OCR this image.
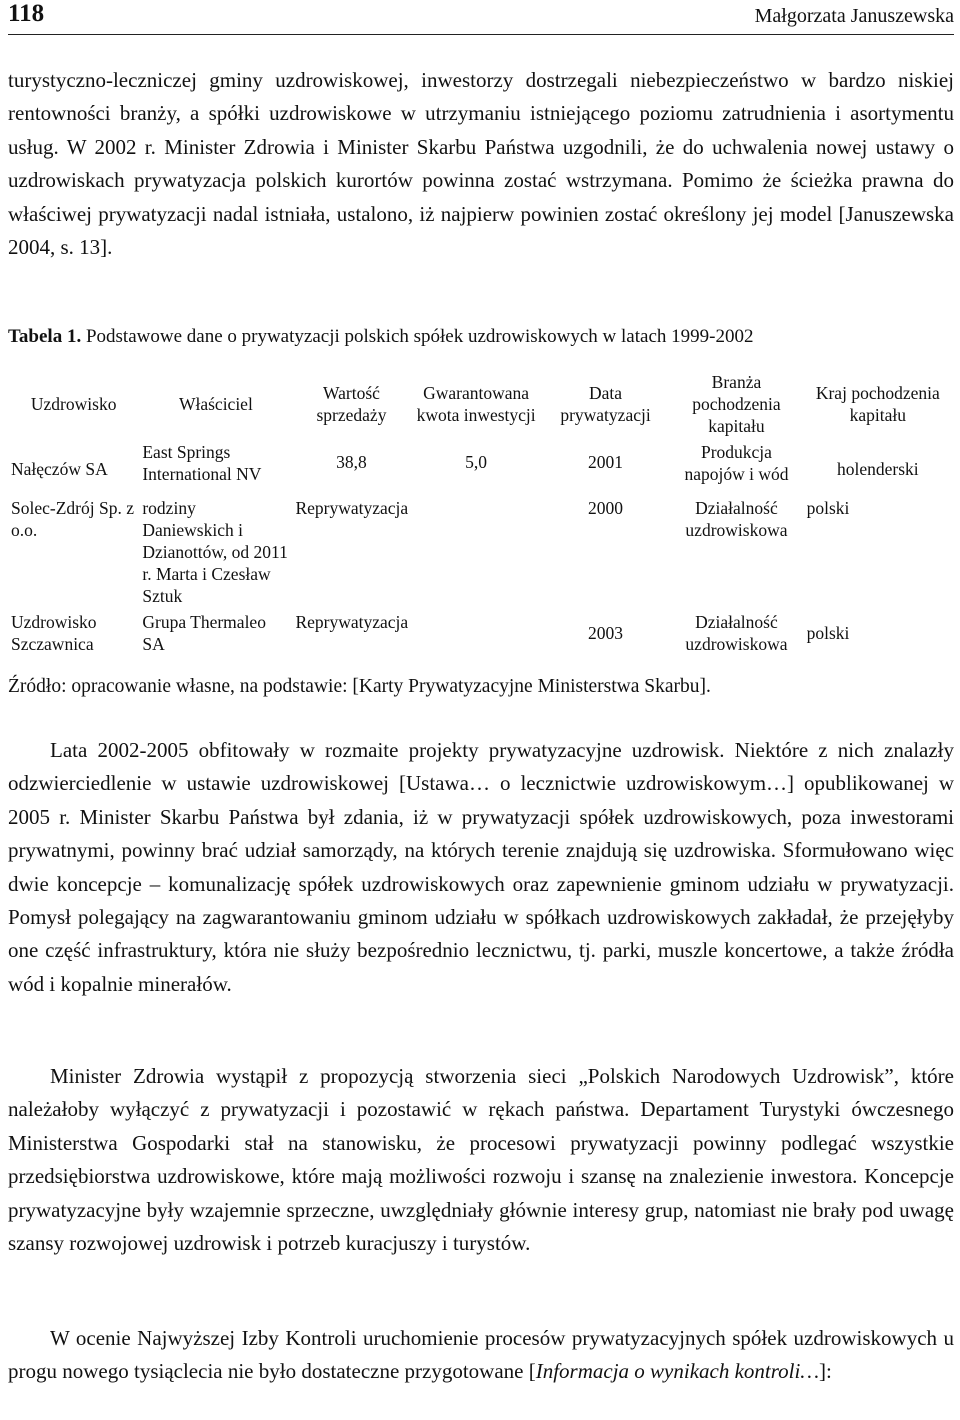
118	Małgorzata Januszewska

turystyczno-leczniczej gminy uzdrowiskowej, inwestorzy dostrzegali niebezpieczeństwo w bardzo niskiej rentowności branży, a spółki uzdrowiskowe w utrzymaniu istniejącego poziomu zatrudnienia i asortymentu usług. W 2002 r. Minister Zdrowia i Minister Skarbu Państwa uzgodnili, że do uchwalenia nowej ustawy o uzdrowiskach prywatyzacja polskich kurortów powinna zostać wstrzymana. Pomimo że ścieżka prawna do właściwej prywatyzacji nadal istniała, ustalono, iż najpierw powinien zostać określony jej model [Januszewska 2004, s. 13].

Tabela 1. Podstawowe dane o prywatyzacji polskich spółek uzdrowiskowych w latach 1999-2002

Uzdrowisko	Właściciel	Wartość sprzedaży	Gwarantowana kwota inwestycji	Data prywatyzacji	Branża pochodzenia kapitału	Kraj pochodzenia kapitału
Nałęczów SA	East Springs International NV	38,8	5,0	2001	Produkcja napojów i wód	holenderski
Solec-Zdrój Sp. z o.o.	rodziny Daniewskich i Dzianottów, od 2011 r. Marta i Czesław Sztuk	Reprywatyzacja		2000	Działalność uzdrowiskowa	polski
Uzdrowisko Szczawnica	Grupa Thermaleo SA	Reprywatyzacja		2003	Działalność uzdrowiskowa	polski

Źródło: opracowanie własne, na podstawie: [Karty Prywatyzacyjne Ministerstwa Skarbu].

Lata 2002-2005 obfitowały w rozmaite projekty prywatyzacyjne uzdrowisk. Niektóre z nich znalazły odzwierciedlenie w ustawie uzdrowiskowej [Ustawa… o lecznictwie uzdrowiskowym…] opublikowanej w 2005 r. Minister Skarbu Państwa był zdania, iż w prywatyzacji spółek uzdrowiskowych, poza inwestorami prywatnymi, powinny brać udział samorządy, na których terenie znajdują się uzdrowiska. Sformułowano więc dwie koncepcje – komunalizację spółek uzdrowiskowych oraz zapewnienie gminom udziału w prywatyzacji. Pomysł polegający na zagwarantowaniu gminom udziału w spółkach uzdrowiskowych zakładał, że przejęłyby one część infrastruktury, która nie służy bezpośrednio lecznictwu, tj. parki, muszle koncertowe, a także źródła wód i kopalnie minerałów.

Minister Zdrowia wystąpił z propozycją stworzenia sieci „Polskich Narodowych Uzdrowisk”, które należałoby wyłączyć z prywatyzacji i pozostawić w rękach państwa. Departament Turystyki ówczesnego Ministerstwa Gospodarki stał na stanowisku, że procesowi prywatyzacji powinny podlegać wszystkie przedsiębiorstwa uzdrowiskowe, które mają możliwości rozwoju i szansę na znalezienie inwestora. Koncepcje prywatyzacyjne były wzajemnie sprzeczne, uwzględniały głównie interesy grup, natomiast nie brały pod uwagę szansy rozwojowej uzdrowisk i potrzeb kuracjuszy i turystów.

W ocenie Najwyższej Izby Kontroli uruchomienie procesów prywatyzacyjnych spółek uzdrowiskowych u progu nowego tysiąclecia nie było dostateczne przygotowane [Informacja o wynikach kontroli…]:
